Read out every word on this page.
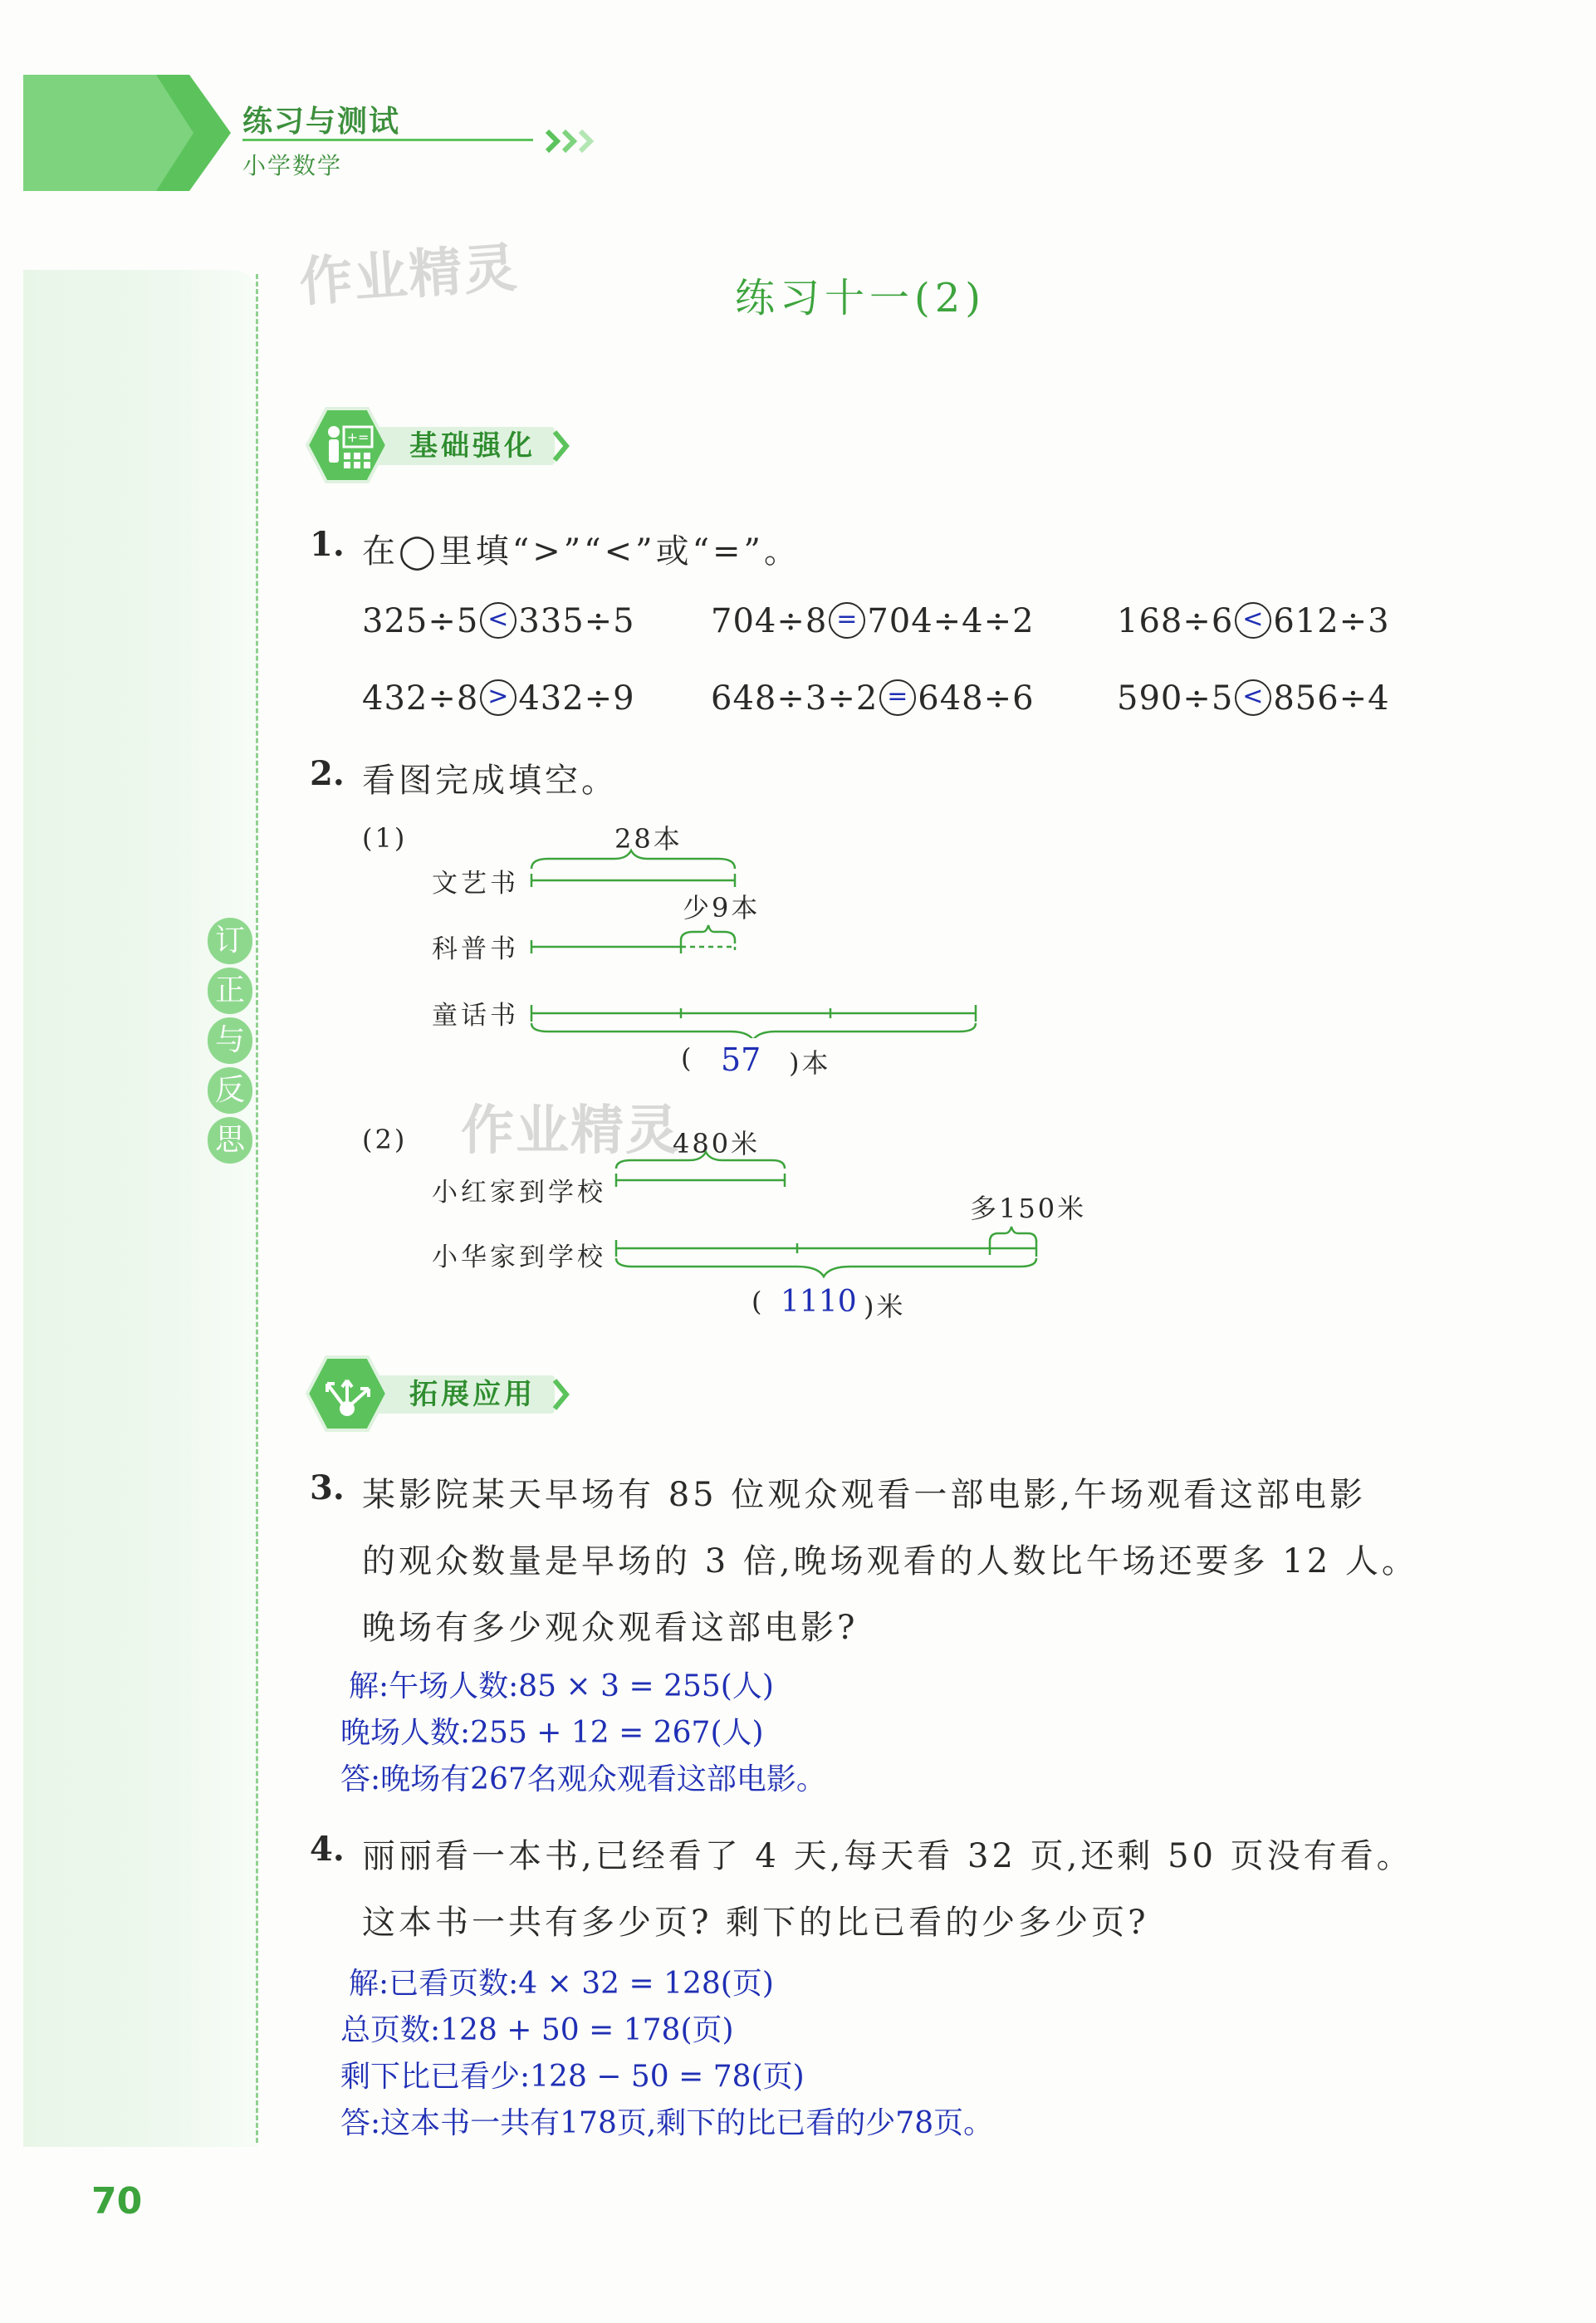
练习与测试
小学数学
订
正
与
反
思
作业精灵
作业精灵
练习十一(2)
+= 基础强化
1. 在◯里填“>”“<”或“=”。
325÷5 < 335÷5 704÷8 = 704÷4÷2 168÷6 < 612÷3
432÷8 > 432÷9 648÷3÷2 = 648÷6 590÷5 < 856÷4
2. 看图完成填空。
(1)	28本
文艺书
少9本
科普书
童话书
( 57 )本
(2)	480米
小红家到学校	多150米
小华家到学校
( 1110 )米
拓展应用
3. 某影院某天早场有 85 位观众观看一部电影,午场观看这部电影
的观众数量是早场的 3 倍,晚场观看的人数比午场还要多 12 人。
晚场有多少观众观看这部电影?
解:午场人数:85 × 3 = 255(人)
晚场人数:255 + 12 = 267(人)
答:晚场有267名观众观看这部电影。
4. 丽丽看一本书,已经看了 4 天,每天看 32 页,还剩 50 页没有看。
这本书一共有多少页? 剩下的比已看的少多少页?
解:已看页数:4 × 32 = 128(页)
总页数:128 + 50 = 178(页)
剩下比已看少:128 − 50 = 78(页)
答:这本书一共有178页,剩下的比已看的少78页。
70
